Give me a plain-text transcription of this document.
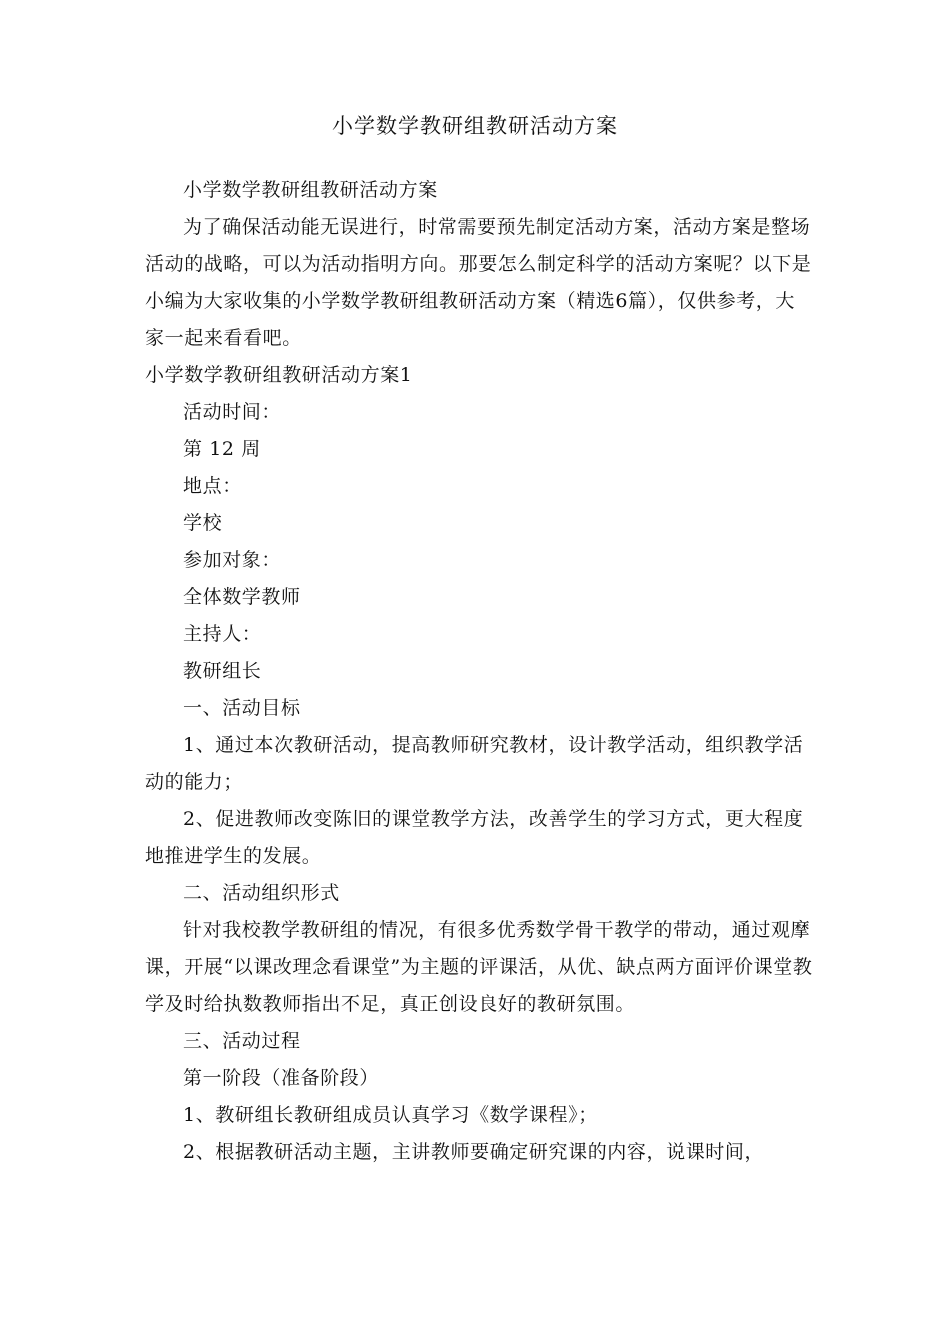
小学数学教研组教研活动方案

小学数学教研组教研活动方案

为了确保活动能无误进行，时常需要预先制定活动方案，活动方案是整场活动的战略，可以为活动指明方向。那要怎么制定科学的活动方案呢？以下是小编为大家收集的小学数学教研组教研活动方案（精选6篇），仅供参考，大家一起来看看吧。

小学数学教研组教研活动方案1

活动时间：

第 12 周

地点：

学校

参加对象：

全体数学教师

主持人：

教研组长

一、活动目标

1、通过本次教研活动，提高教师研究教材，设计教学活动，组织教学活动的能力；

2、促进教师改变陈旧的课堂教学方法，改善学生的学习方式，更大程度地推进学生的发展。

二、活动组织形式

针对我校教学教研组的情况，有很多优秀数学骨干教学的带动，通过观摩课，开展“以课改理念看课堂”为主题的评课活，从优、缺点两方面评价课堂教学及时给执数教师指出不足，真正创设良好的教研氛围。

三、活动过程

第一阶段（准备阶段）

1、教研组长教研组成员认真学习《数学课程》；

2、根据教研活动主题，主讲教师要确定研究课的内容，说课时间，
